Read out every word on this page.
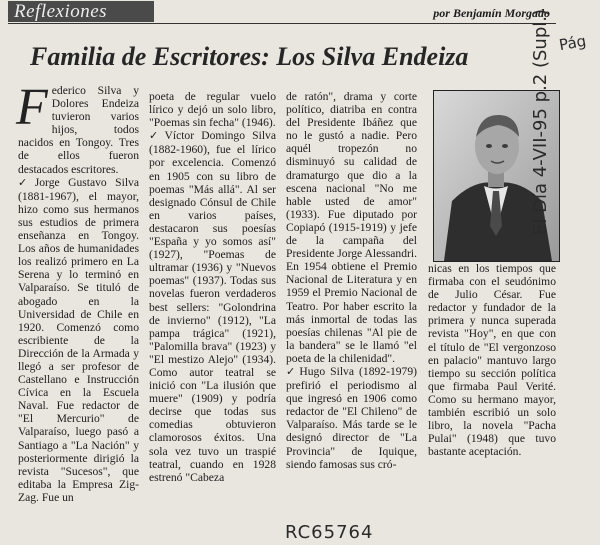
Reflexiones	por Benjamín Morgado
Familia de Escritores: Los Silva Endeiza

Federico Silva y Dolores Endeiza tuvieron varios hijos, todos nacidos en Tongoy. Tres de ellos fueron destacados escritores.

✓ Jorge Gustavo Silva (1881-1967), el mayor, hizo como sus hermanos sus estudios de primera enseñanza en Tongoy. Los años de humanidades los realizó primero en La Serena y lo terminó en Valparaíso. Se tituló de abogado en la Universidad de Chile en 1920. Comenzó como escribiente de la Dirección de la Armada y llegó a ser profesor de Castellano e Instrucción Cívica en la Escuela Naval. Fue redactor de "El Mercurio" de Valparaíso, luego pasó a Santiago a "La Nación" y posteriormente dirigió la revista "Sucesos", que editaba la Empresa Zig-Zag. Fue un

poeta de regular vuelo lírico y dejó un solo libro, "Poemas sin fecha" (1946).

✓ Víctor Domingo Silva (1882-1960), fue el lírico por excelencia. Comenzó en 1905 con su libro de poemas "Más allá". Al ser designado Cónsul de Chile en varios países, destacaron sus poesías "España y yo somos así" (1927), "Poemas de ultramar (1936) y "Nuevos poemas" (1937). Todas sus novelas fueron verdaderos best sellers: "Golondrina de invierno" (1912), "La pampa trágica" (1921), "Palomilla brava" (1923) y "El mestizo Alejo" (1934). Como autor teatral se inició con "La ilusión que muere" (1909) y podría decirse que todas sus comedias obtuvieron clamorosos éxitos. Una sola vez tuvo un traspié teatral, cuando en 1928 estrenó "Cabeza

de ratón", drama y corte político, diatriba en contra del Presidente Ibáñez que no le gustó a nadie. Pero aquél tropezón no disminuyó su calidad de dramaturgo que dio a la escena nacional "No me hable usted de amor" (1933). Fue diputado por Copiapó (1915-1919) y jefe de la campaña del Presidente Jorge Alessandri. En 1954 obtiene el Premio Nacional de Literatura y en 1959 el Premio Nacional de Teatro. Por haber escrito la más inmortal de todas las poesías chilenas "Al pie de la bandera" se le llamó "el poeta de la chilenidad".

✓ Hugo Silva (1892-1979) prefirió el periodismo al que ingresó en 1906 como redactor de "El Chileno" de Valparaíso. Más tarde se le designó director de "La Provincia" de Iquique, siendo famosas sus cró-

nicas en los tiempos que firmaba con el seudónimo de Julio César. Fue redactor y fundador de la primera y nunca superada revista "Hoy", en que con el título de "El vergonzoso en palacio" mantuvo largo tiempo su sección política que firmaba Paul Verité. Como su hermano mayor, también escribió un solo libro, la novela "Pacha Pulai" (1948) que tuvo bastante aceptación.

Pág
El Día 4-VII-95 p.2 (Supl.)
RC65764
